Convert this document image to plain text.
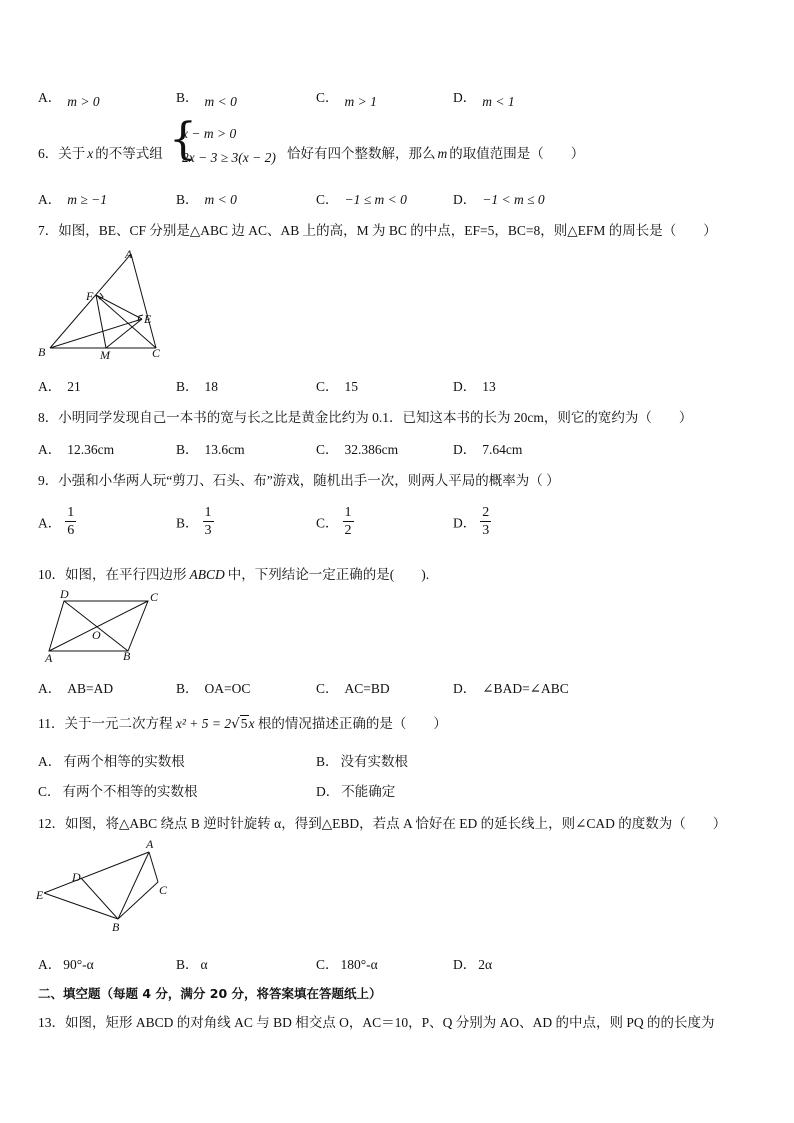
A． m > 0	B． m < 0	C． m > 1	D． m < 1
6．关于 x 的不等式组 {
x − m > 0
2x − 3 ≥ 3(x − 2) 恰好有四个整数解，那么 m 的取值范围是（　　）
A． m ≥ −1	B． m < 0	C． −1 ≤ m < 0	D． −1 < m ≤ 0
7．如图，BE、CF 分别是△ABC 边 AC、AB 上的高，M 为 BC 的中点，EF=5，BC=8，则△EFM 的周长是（　　）
A
F
E
B	M	C
A． 21	B． 18	C． 15	D． 13
8．小明同学发现自己一本书的宽与长之比是黄金比约为 0.1．已知这本书的长为 20cm，则它的宽约为（　　）
A． 12.36cm	B． 13.6cm	C． 32.386cm	D． 7.64cm
9．小强和小华两人玩“剪刀、石头、布”游戏，随机出手一次，则两人平局的概率为（ ）
A． $\frac{1}{6}$	B． $\frac{1}{3}$	C． $\frac{1}{2}$	D． $\frac{2}{3}$
10．如图，在平行四边形 ABCD 中，下列结论一定正确的是(　　).
D	C
O
A	B
A． AB=AD	B． OA=OC	C． AC=BD	D． ∠BAD=∠ABC
11．关于一元二次方程 x² + 5 = 2√5x 根的情况描述正确的是（　　）
A． 有两个相等的实数根	B． 没有实数根
C． 有两个不相等的实数根	D． 不能确定
12．如图，将△ABC 绕点 B 逆时针旋转 α，得到△EBD，若点 A 恰好在 ED 的延长线上，则∠CAD 的度数为（　　）
A
D
C
E
B
A． 90°-α	B． α	C． 180°-α	D． 2α
二、填空题（每题 4 分，满分 20 分，将答案填在答题纸上）
13．如图，矩形 ABCD 的对角线 AC 与 BD 相交点 O，AC＝10，P、Q 分别为 AO、AD 的中点，则 PQ 的的长度为
